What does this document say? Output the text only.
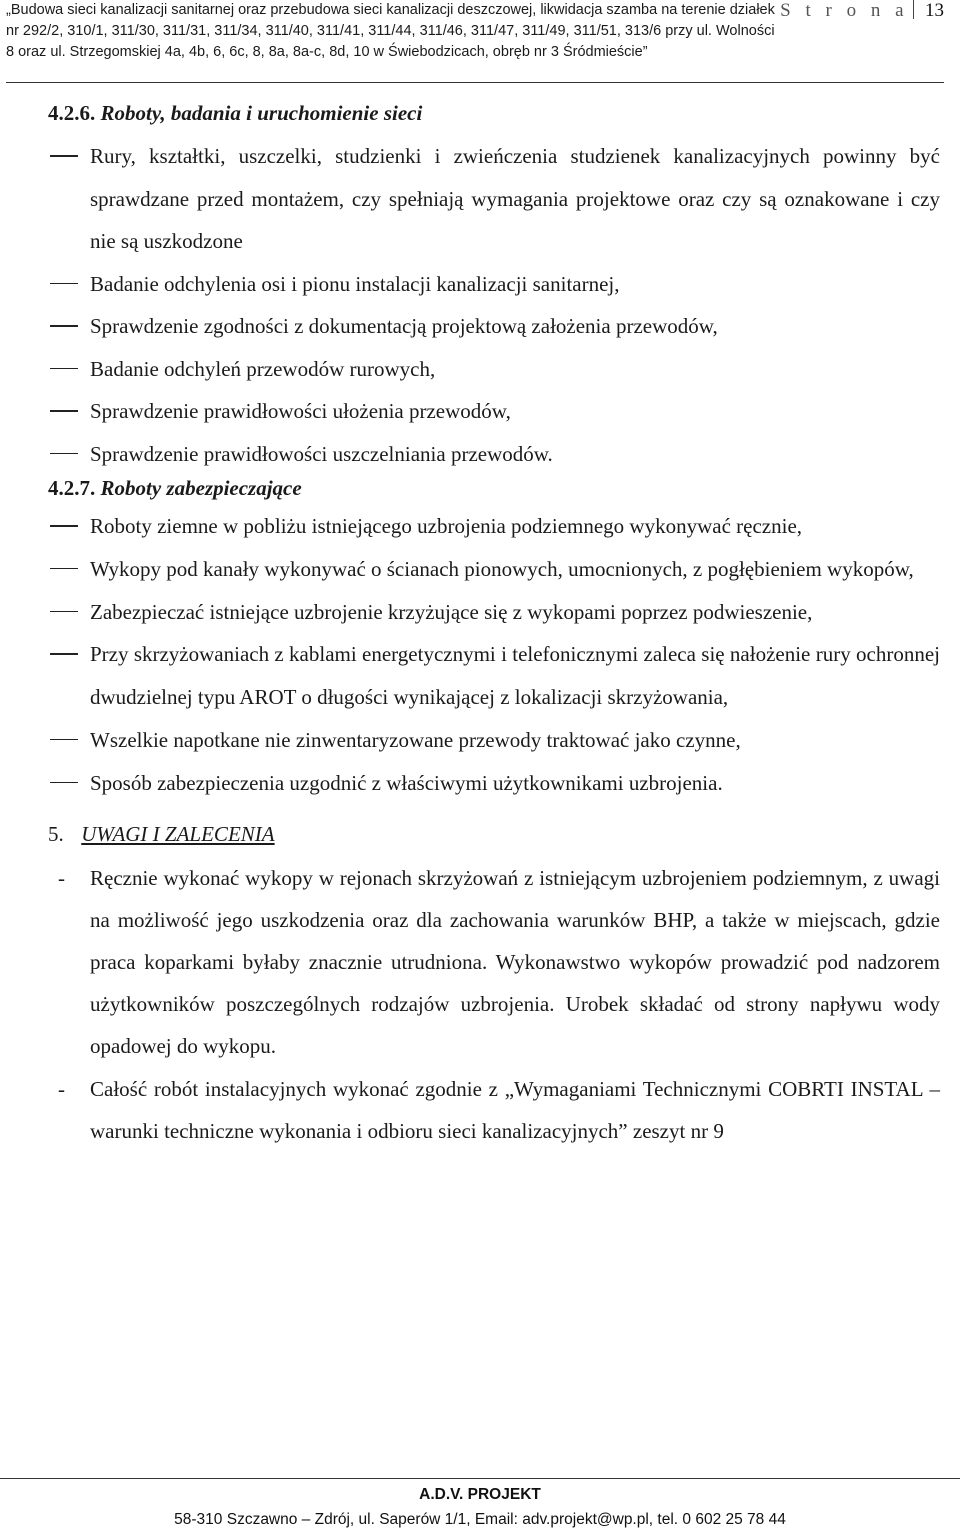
„Budowa sieci kanalizacji sanitarnej oraz przebudowa sieci kanalizacji deszczowej, likwidacja szamba na terenie działek nr 292/2, 310/1, 311/30, 311/31, 311/34, 311/40, 311/41, 311/44, 311/46, 311/47, 311/49, 311/51, 313/6 przy ul. Wolności 8 oraz ul. Strzegomskiej 4a, 4b, 6, 6c, 8, 8a, 8a-c, 8d, 10 w Świebodzicach, obręb nr 3 Śródmieście”
S t r o n a 13
4.2.6. Roboty, badania i uruchomienie sieci
Rury, kształtki, uszczelki, studzienki i zwieńczenia studzienek kanalizacyjnych powinny być sprawdzane przed montażem, czy spełniają wymagania projektowe oraz czy są oznakowane i czy nie są uszkodzone
Badanie odchylenia osi i pionu instalacji kanalizacji sanitarnej,
Sprawdzenie zgodności z dokumentacją projektową założenia przewodów,
Badanie odchyleń przewodów rurowych,
Sprawdzenie prawidłowości ułożenia przewodów,
Sprawdzenie prawidłowości uszczelniania przewodów.
4.2.7. Roboty zabezpieczające
Roboty ziemne w pobliżu istniejącego uzbrojenia podziemnego wykonywać ręcznie,
Wykopy pod kanały wykonywać o ścianach pionowych, umocnionych, z pogłębieniem wykopów,
Zabezpieczać istniejące uzbrojenie krzyżujące się z wykopami poprzez podwieszenie,
Przy skrzyżowaniach z kablami energetycznymi i telefonicznymi zaleca się nałożenie rury ochronnej dwudzielnej typu AROT o długości wynikającej z lokalizacji skrzyżowania,
Wszelkie napotkane nie zinwentaryzowane przewody traktować jako czynne,
Sposób zabezpieczenia uzgodnić z właściwymi użytkownikami uzbrojenia.
5. UWAGI I ZALECENIA
- Ręcznie wykonać wykopy w rejonach skrzyżowań z istniejącym uzbrojeniem podziemnym, z uwagi na możliwość jego uszkodzenia oraz dla zachowania warunków BHP, a także w miejscach, gdzie praca koparkami byłaby znacznie utrudniona. Wykonawstwo wykopów prowadzić pod nadzorem użytkowników poszczególnych rodzajów uzbrojenia. Urobek składać od strony napływu wody opadowej do wykopu.
- Całość robót instalacyjnych wykonać zgodnie z „Wymaganiami Technicznymi COBRTI INSTAL – warunki techniczne wykonania i odbioru sieci kanalizacyjnych” zeszyt nr 9
A.D.V. PROJEKT
58-310 Szczawno – Zdrój, ul. Saperów 1/1, Email: adv.projekt@wp.pl, tel. 0 602 25 78 44
